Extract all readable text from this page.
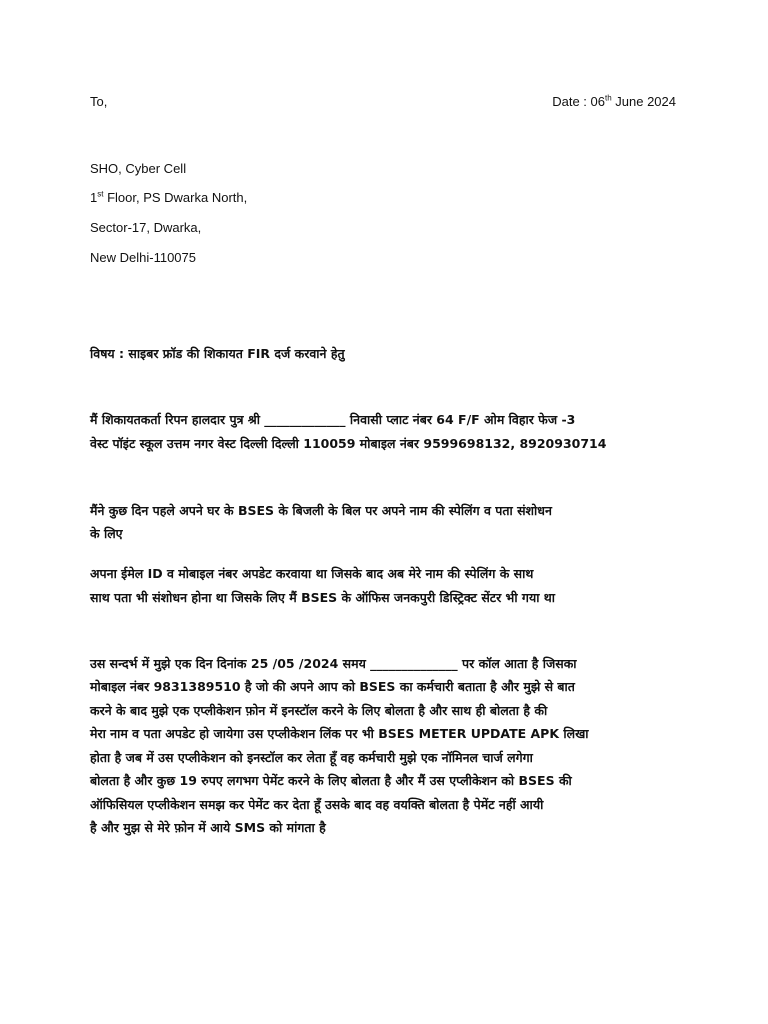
To,	Date : 06th June 2024
SHO, Cyber Cell
1st Floor, PS Dwarka North,
Sector-17, Dwarka,
New Delhi-110075
विषय : साइबर फ्रॉड की शिकायत FIR दर्ज करवाने हेतु
मैं शिकायतकर्ता रिपन हालदार पुत्र श्री _____________ निवासी प्लाट नंबर 64 F/F ओम विहार फेज -3
वेस्ट पॉइंट स्कूल उत्तम नगर वेस्ट दिल्ली दिल्ली 110059 मोबाइल नंबर 9599698132, 8920930714
मैंने कुछ दिन पहले अपने घर के BSES के बिजली के बिल पर अपने नाम की स्पेलिंग व पता संशोधन
के लिए
अपना ईमेल ID व मोबाइल नंबर अपडेट करवाया था जिसके बाद अब मेरे नाम की स्पेलिंग के साथ
साथ पता भी संशोधन होना था जिसके लिए मैं BSES के ऑफिस जनकपुरी डिस्ट्रिक्ट सेंटर भी गया था
उस सन्दर्भ में मुझे एक दिन दिनांक 25 /05 /2024 समय ______________ पर कॉल आता है जिसका
मोबाइल नंबर 9831389510 है जो की अपने आप को BSES का कर्मचारी बताता है और मुझे से बात
करने के बाद मुझे एक एप्लीकेशन फ़ोन में इनस्टॉल करने के लिए बोलता है और साथ ही बोलता है की
मेरा नाम व पता अपडेट हो जायेगा उस एप्लीकेशन लिंक पर भी BSES METER UPDATE APK लिखा
होता है जब में उस एप्लीकेशन को इनस्टॉल कर लेता हूँ वह कर्मचारी मुझे एक नॉमिनल चार्ज लगेगा
बोलता है और कुछ 19 रुपए लगभग पेमेंट करने के लिए बोलता है और मैं उस एप्लीकेशन को BSES की
ऑफिसियल एप्लीकेशन समझ कर पेमेंट कर देता हूँ उसके बाद वह वयक्ति बोलता है पेमेंट नहीं आयी
है और मुझ से मेरे फ़ोन में आये SMS को मांगता है
